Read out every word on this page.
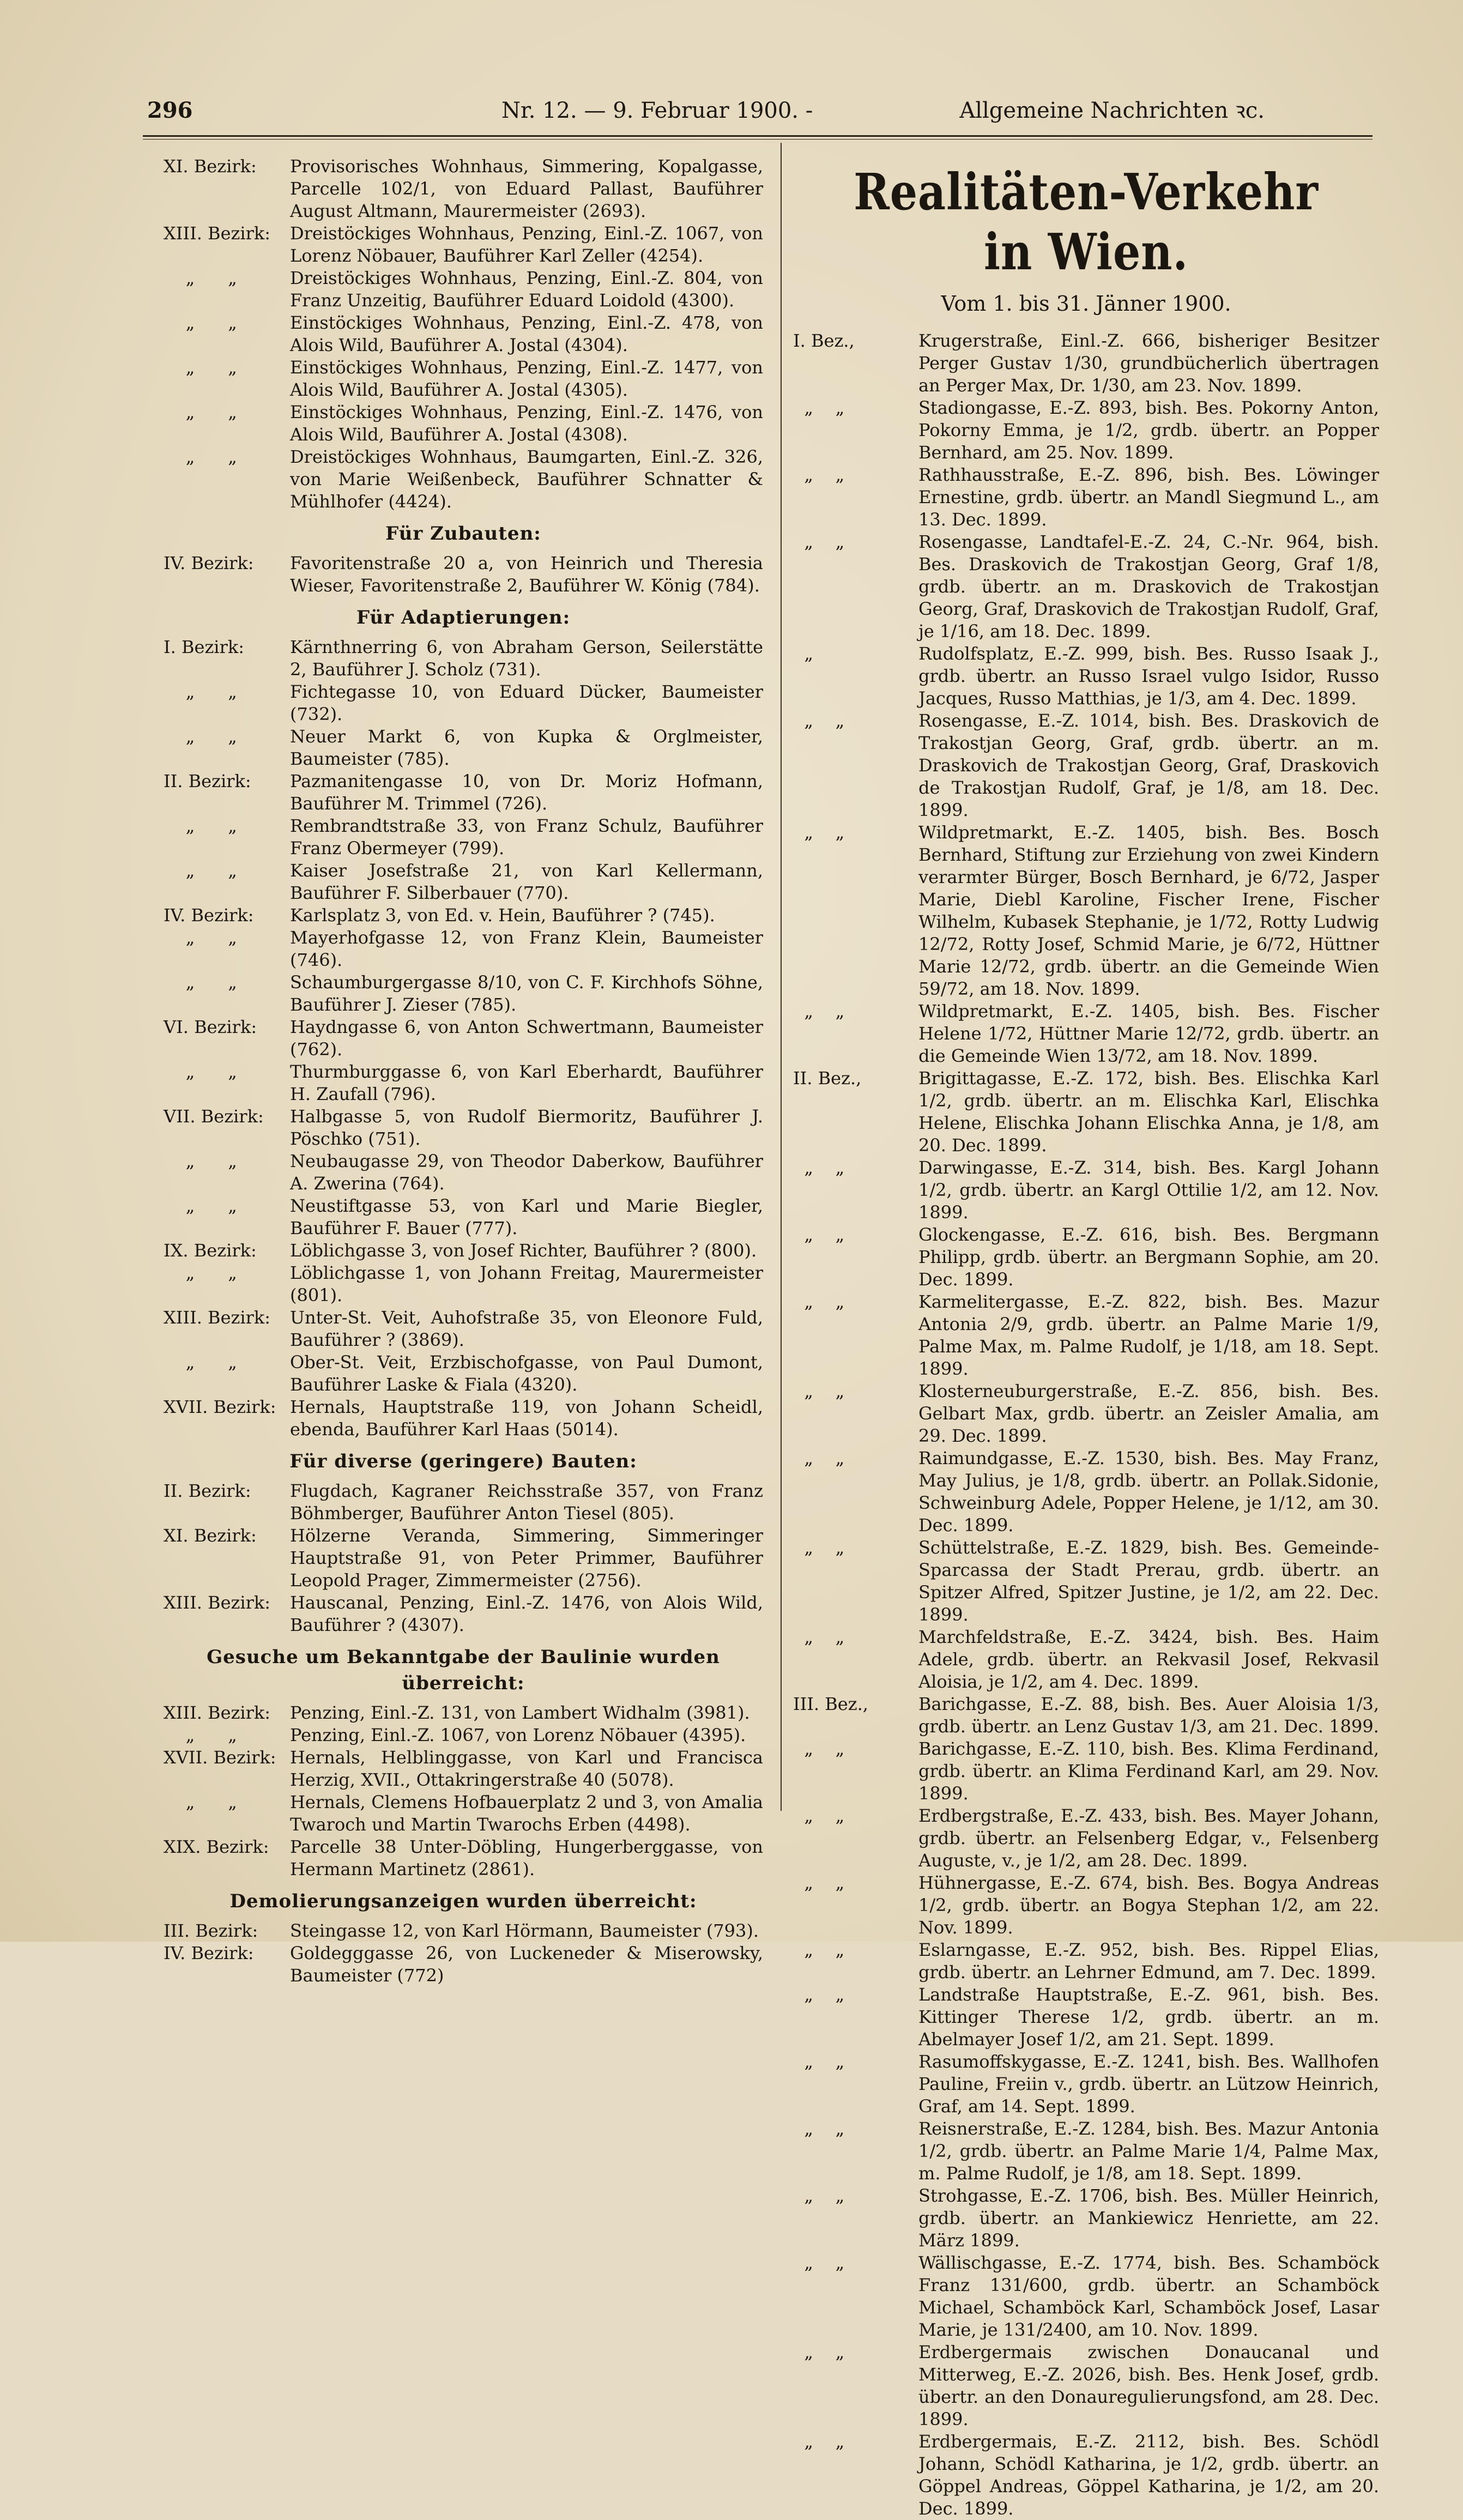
296	Nr. 12. — 9. Februar 1900. -	Allgemeine Nachrichten ꝛc.
XI. Bezirk:	Provisorisches Wohnhaus, Simmering, Kopalgasse, Parcelle 102/1, von Eduard Pallast, Bauführer August Altmann, Maurermeister (2693).
XIII. Bezirk:	Dreistöckiges Wohnhaus, Penzing, Einl.-Z. 1067, von Lorenz Nöbauer, Bauführer Karl Zeller (4254).
„      „	Dreistöckiges Wohnhaus, Penzing, Einl.-Z. 804, von Franz Unzeitig, Bauführer Eduard Loidold (4300).
„      „	Einstöckiges Wohnhaus, Penzing, Einl.-Z. 478, von Alois Wild, Bauführer A. Jostal (4304).
„      „	Einstöckiges Wohnhaus, Penzing, Einl.-Z. 1477, von Alois Wild, Bauführer A. Jostal (4305).
„      „	Einstöckiges Wohnhaus, Penzing, Einl.-Z. 1476, von Alois Wild, Bauführer A. Jostal (4308).
„      „	Dreistöckiges Wohnhaus, Baumgarten, Einl.-Z. 326, von Marie Weißenbeck, Bauführer Schnatter & Mühlhofer (4424).
Für Zubauten:
IV. Bezirk:	Favoritenstraße 20 a, von Heinrich und Theresia Wieser, Favoritenstraße 2, Bauführer W. König (784).
Für Adaptierungen:
I. Bezirk:	Kärnthnerring 6, von Abraham Gerson, Seilerstätte 2, Bauführer J. Scholz (731).
„      „	Fichtegasse 10, von Eduard Dücker, Baumeister (732).
„      „	Neuer Markt 6, von Kupka & Orglmeister, Baumeister (785).
II. Bezirk:	Pazmanitengasse 10, von Dr. Moriz Hofmann, Bauführer M. Trimmel (726).
„      „	Rembrandtstraße 33, von Franz Schulz, Bauführer Franz Obermeyer (799).
„      „	Kaiser Josefstraße 21, von Karl Kellermann, Bauführer F. Silberbauer (770).
IV. Bezirk:	Karlsplatz 3, von Ed. v. Hein, Bauführer ? (745).
„      „	Mayerhofgasse 12, von Franz Klein, Baumeister (746).
„      „	Schaumburgergasse 8/10, von C. F. Kirchhofs Söhne, Bauführer J. Zieser (785).
VI. Bezirk:	Haydngasse 6, von Anton Schwertmann, Baumeister (762).
„      „	Thurmburggasse 6, von Karl Eberhardt, Bauführer H. Zaufall (796).
VII. Bezirk:	Halbgasse 5, von Rudolf Biermoritz, Bauführer J. Pöschko (751).
„      „	Neubaugasse 29, von Theodor Daberkow, Bauführer A. Zwerina (764).
„      „	Neustiftgasse 53, von Karl und Marie Biegler, Bauführer F. Bauer (777).
IX. Bezirk:	Löblichgasse 3, von Josef Richter, Bauführer ? (800).
„      „	Löblichgasse 1, von Johann Freitag, Maurermeister (801).
XIII. Bezirk:	Unter-St. Veit, Auhofstraße 35, von Eleonore Fuld, Bauführer ? (3869).
„      „	Ober-St. Veit, Erzbischofgasse, von Paul Dumont, Bauführer Laske & Fiala (4320).
XVII. Bezirk: Hernals, Hauptstraße 119, von Johann Scheidl, ebenda, Bauführer Karl Haas (5014).
Für diverse (geringere) Bauten:
II. Bezirk:	Flugdach, Kagraner Reichsstraße 357, von Franz Böhmberger, Bauführer Anton Tiesel (805).
XI. Bezirk:	Hölzerne Veranda, Simmering, Simmeringer Hauptstraße 91, von Peter Primmer, Bauführer Leopold Prager, Zimmermeister (2756).
XIII. Bezirk:	Hauscanal, Penzing, Einl.-Z. 1476, von Alois Wild, Bauführer ? (4307).
Gesuche um Bekanntgabe der Baulinie wurden überreicht:
XIII. Bezirk:	Penzing, Einl.-Z. 131, von Lambert Widhalm (3981).
„      „	Penzing, Einl.-Z. 1067, von Lorenz Nöbauer (4395).
XVII. Bezirk: Hernals, Helblinggasse, von Karl und Francisca Herzig, XVII., Ottakringerstraße 40 (5078).
„      „	Hernals, Clemens Hofbauerplatz 2 und 3, von Amalia Twaroch und Martin Twarochs Erben (4498).
XIX. Bezirk:	Parcelle 38 Unter-Döbling, Hungerberggasse, von Hermann Martinetz (2861).
Demolierungsanzeigen wurden überreicht:
III. Bezirk:	Steingasse 12, von Karl Hörmann, Baumeister (793).
IV. Bezirk:	Goldegggasse 26, von Luckeneder & Miserowsky, Baumeister (772)
Realitäten-Verkehr in Wien.
Vom 1. bis 31. Jänner 1900.
I. Bez.,	Krugerstraße, Einl.-Z. 666, bisheriger Besitzer Perger Gustav 1/30, grundbücherlich übertragen an Perger Max, Dr. 1/30, am 23. Nov. 1899.
„    „	Stadiongasse, E.-Z. 893, bish. Bes. Pokorny Anton, Pokorny Emma, je 1/2, grdb. übertr. an Popper Bernhard, am 25. Nov. 1899.
„    „	Rathhausstraße, E.-Z. 896, bish. Bes. Löwinger Ernestine, grdb. übertr. an Mandl Siegmund L., am 13. Dec. 1899.
„    „	Rosengasse, Landtafel-E.-Z. 24, C.-Nr. 964, bish. Bes. Draskovich de Trakostjan Georg, Graf 1/8, grdb. übertr. an m. Draskovich de Trakostjan Georg, Graf, Draskovich de Trakostjan Rudolf, Graf, je 1/16, am 18. Dec. 1899.
„	Rudolfsplatz, E.-Z. 999, bish. Bes. Russo Isaak J., grdb. übertr. an Russo Israel vulgo Isidor, Russo Jacques, Russo Matthias, je 1/3, am 4. Dec. 1899.
„    „	Rosengasse, E.-Z. 1014, bish. Bes. Draskovich de Trakostjan Georg, Graf, grdb. übertr. an m. Draskovich de Trakostjan Georg, Graf, Draskovich de Trakostjan Rudolf, Graf, je 1/8, am 18. Dec. 1899.
„    „	Wildpretmarkt, E.-Z. 1405, bish. Bes. Bosch Bernhard, Stiftung zur Erziehung von zwei Kindern verarmter Bürger, Bosch Bernhard, je 6/72, Jasper Marie, Diebl Karoline, Fischer Irene, Fischer Wilhelm, Kubasek Stephanie, je 1/72, Rotty Ludwig 12/72, Rotty Josef, Schmid Marie, je 6/72, Hüttner Marie 12/72, grdb. übertr. an die Gemeinde Wien 59/72, am 18. Nov. 1899.
„    „	Wildpretmarkt, E.-Z. 1405, bish. Bes. Fischer Helene 1/72, Hüttner Marie 12/72, grdb. übertr. an die Gemeinde Wien 13/72, am 18. Nov. 1899.
II. Bez.,	Brigittagasse, E.-Z. 172, bish. Bes. Elischka Karl 1/2, grdb. übertr. an m. Elischka Karl, Elischka Helene, Elischka Johann Elischka Anna, je 1/8, am 20. Dec. 1899.
„    „	Darwingasse, E.-Z. 314, bish. Bes. Kargl Johann 1/2, grdb. übertr. an Kargl Ottilie 1/2, am 12. Nov. 1899.
„    „	Glockengasse, E.-Z. 616, bish. Bes. Bergmann Philipp, grdb. übertr. an Bergmann Sophie, am 20. Dec. 1899.
„    „	Karmelitergasse, E.-Z. 822, bish. Bes. Mazur Antonia 2/9, grdb. übertr. an Palme Marie 1/9, Palme Max, m. Palme Rudolf, je 1/18, am 18. Sept. 1899.
„    „	Klosterneuburgerstraße, E.-Z. 856, bish. Bes. Gelbart Max, grdb. übertr. an Zeisler Amalia, am 29. Dec. 1899.
„    „	Raimundgasse, E.-Z. 1530, bish. Bes. May Franz, May Julius, je 1/8, grdb. übertr. an Pollak.Sidonie, Schweinburg Adele, Popper Helene, je 1/12, am 30. Dec. 1899.
„    „	Schüttelstraße, E.-Z. 1829, bish. Bes. Gemeinde-Sparcassa der Stadt Prerau, grdb. übertr. an Spitzer Alfred, Spitzer Justine, je 1/2, am 22. Dec. 1899.
„    „	Marchfeldstraße, E.-Z. 3424, bish. Bes. Haim Adele, grdb. übertr. an Rekvasil Josef, Rekvasil Aloisia, je 1/2, am 4. Dec. 1899.
III. Bez.,	Barichgasse, E.-Z. 88, bish. Bes. Auer Aloisia 1/3, grdb. übertr. an Lenz Gustav 1/3, am 21. Dec. 1899.
„    „	Barichgasse, E.-Z. 110, bish. Bes. Klima Ferdinand, grdb. übertr. an Klima Ferdinand Karl, am 29. Nov. 1899.
„    „	Erdbergstraße, E.-Z. 433, bish. Bes. Mayer Johann, grdb. übertr. an Felsenberg Edgar, v., Felsenberg Auguste, v., je 1/2, am 28. Dec. 1899.
„    „	Hühnergasse, E.-Z. 674, bish. Bes. Bogya Andreas 1/2, grdb. übertr. an Bogya Stephan 1/2, am 22. Nov. 1899.
„    „	Eslarngasse, E.-Z. 952, bish. Bes. Rippel Elias, grdb. übertr. an Lehrner Edmund, am 7. Dec. 1899.
„    „	Landstraße Hauptstraße, E.-Z. 961, bish. Bes. Kittinger Therese 1/2, grdb. übertr. an m. Abelmayer Josef 1/2, am 21. Sept. 1899.
„    „	Rasumoffskygasse, E.-Z. 1241, bish. Bes. Wallhofen Pauline, Freiin v., grdb. übertr. an Lützow Heinrich, Graf, am 14. Sept. 1899.
„    „	Reisnerstraße, E.-Z. 1284, bish. Bes. Mazur Antonia 1/2, grdb. übertr. an Palme Marie 1/4, Palme Max, m. Palme Rudolf, je 1/8, am 18. Sept. 1899.
„    „	Strohgasse, E.-Z. 1706, bish. Bes. Müller Heinrich, grdb. übertr. an Mankiewicz Henriette, am 22. März 1899.
„    „	Wällischgasse, E.-Z. 1774, bish. Bes. Schamböck Franz 131/600, grdb. übertr. an Schamböck Michael, Schamböck Karl, Schamböck Josef, Lasar Marie, je 131/2400, am 10. Nov. 1899.
„    „	Erdbergermais zwischen Donaucanal und Mitterweg, E.-Z. 2026, bish. Bes. Henk Josef, grdb. übertr. an den Donauregulierungsfond, am 28. Dec. 1899.
„    „	Erdbergermais, E.-Z. 2112, bish. Bes. Schödl Johann, Schödl Katharina, je 1/2, grdb. übertr. an Göppel Andreas, Göppel Katharina, je 1/2, am 20. Dec. 1899.
